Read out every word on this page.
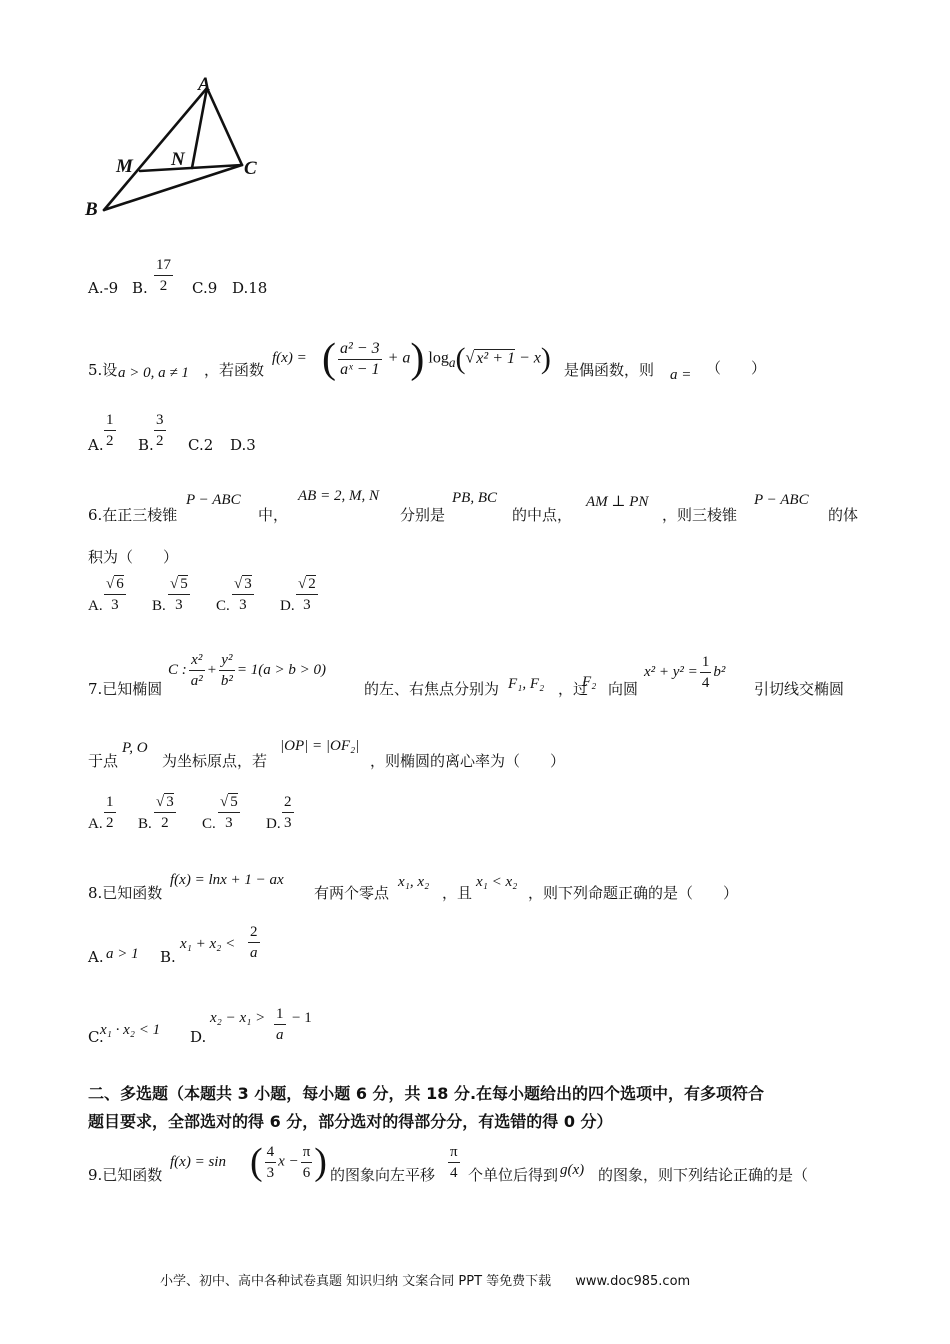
A
B
C
M N
A.-9 B. $\frac{17}{2} C.9$ D.18
5.设 a > 0, a ≠ 1 ，若函数
f(x) = ( $\frac{\text{a² − 3}}{\text{aˣ − 1}} + a$) $\log_a(√$ x² + 1 − x) 是偶函数，则 a = （　　）
A. $\frac{1}{2} B$. $\frac{3}{2} C.2$ D.3
6.在正三棱锥
P − ABC
中，
AB = 2, M, N
分别是
PB, BC
的中点，
AM ⊥ PN
，则三棱锥
P − ABC
的体
积为（　　）
A. $\frac{√ 6}{3} B$. $\frac{√ 5}{3} C$. $\frac{√ 3}{3} D$. $\frac{√ 2}{3}$
7.已知椭圆
C : $\frac{\text{x²}}{\text{a²}} + \frac{\text{y²}}{\text{b²}} = 1(a > b > 0)$
的左、右焦点分别为 F₁, F₂ ，过
F₂ 向圆
$x^2 + y^2 = \frac{1}{4} b^2$
引切线交椭圆
于点
P, O
为坐标原点，若
|OP| = |OF₂|
，则椭圆的离心率为（　　）
A. $\frac{1}{2} B$. $\frac{√ 3}{2} C$. $\frac{√ 5}{3} D$. $\frac{2}{3}$
8.已知函数
f(x) = lnx + 1 − ax
有两个零点
x₁, x₂
，且
x₁ < x₂
，则下列命题正确的是（　　）
A. a > 1 B.
$x_1 + x_2 < \frac{2}{a}$
C.
x₁ · x₂ < 1 D.
$x_2 - x_1 > \frac{1}{a} - 1$
二、多选题（本题共 3 小题，每小题 6 分，共 18 分.在每小题给出的四个选项中，有多项符合
题目要求，全部选对的得 6 分，部分选对的得部分分，有选错的得 0 分）
9.已知函数
f(x) = sin ( $\frac{4}{3}$ $x - \frac{\pi}{6}$ ) 的图象向左平移 $\frac{\pi}{4}$ 个单位后得到 g(x) 的图象，则下列结论正确的是（
小学、初中、高中各种试卷真题 知识归纳 文案合同 PPT 等免费下载 www.doc985.com
